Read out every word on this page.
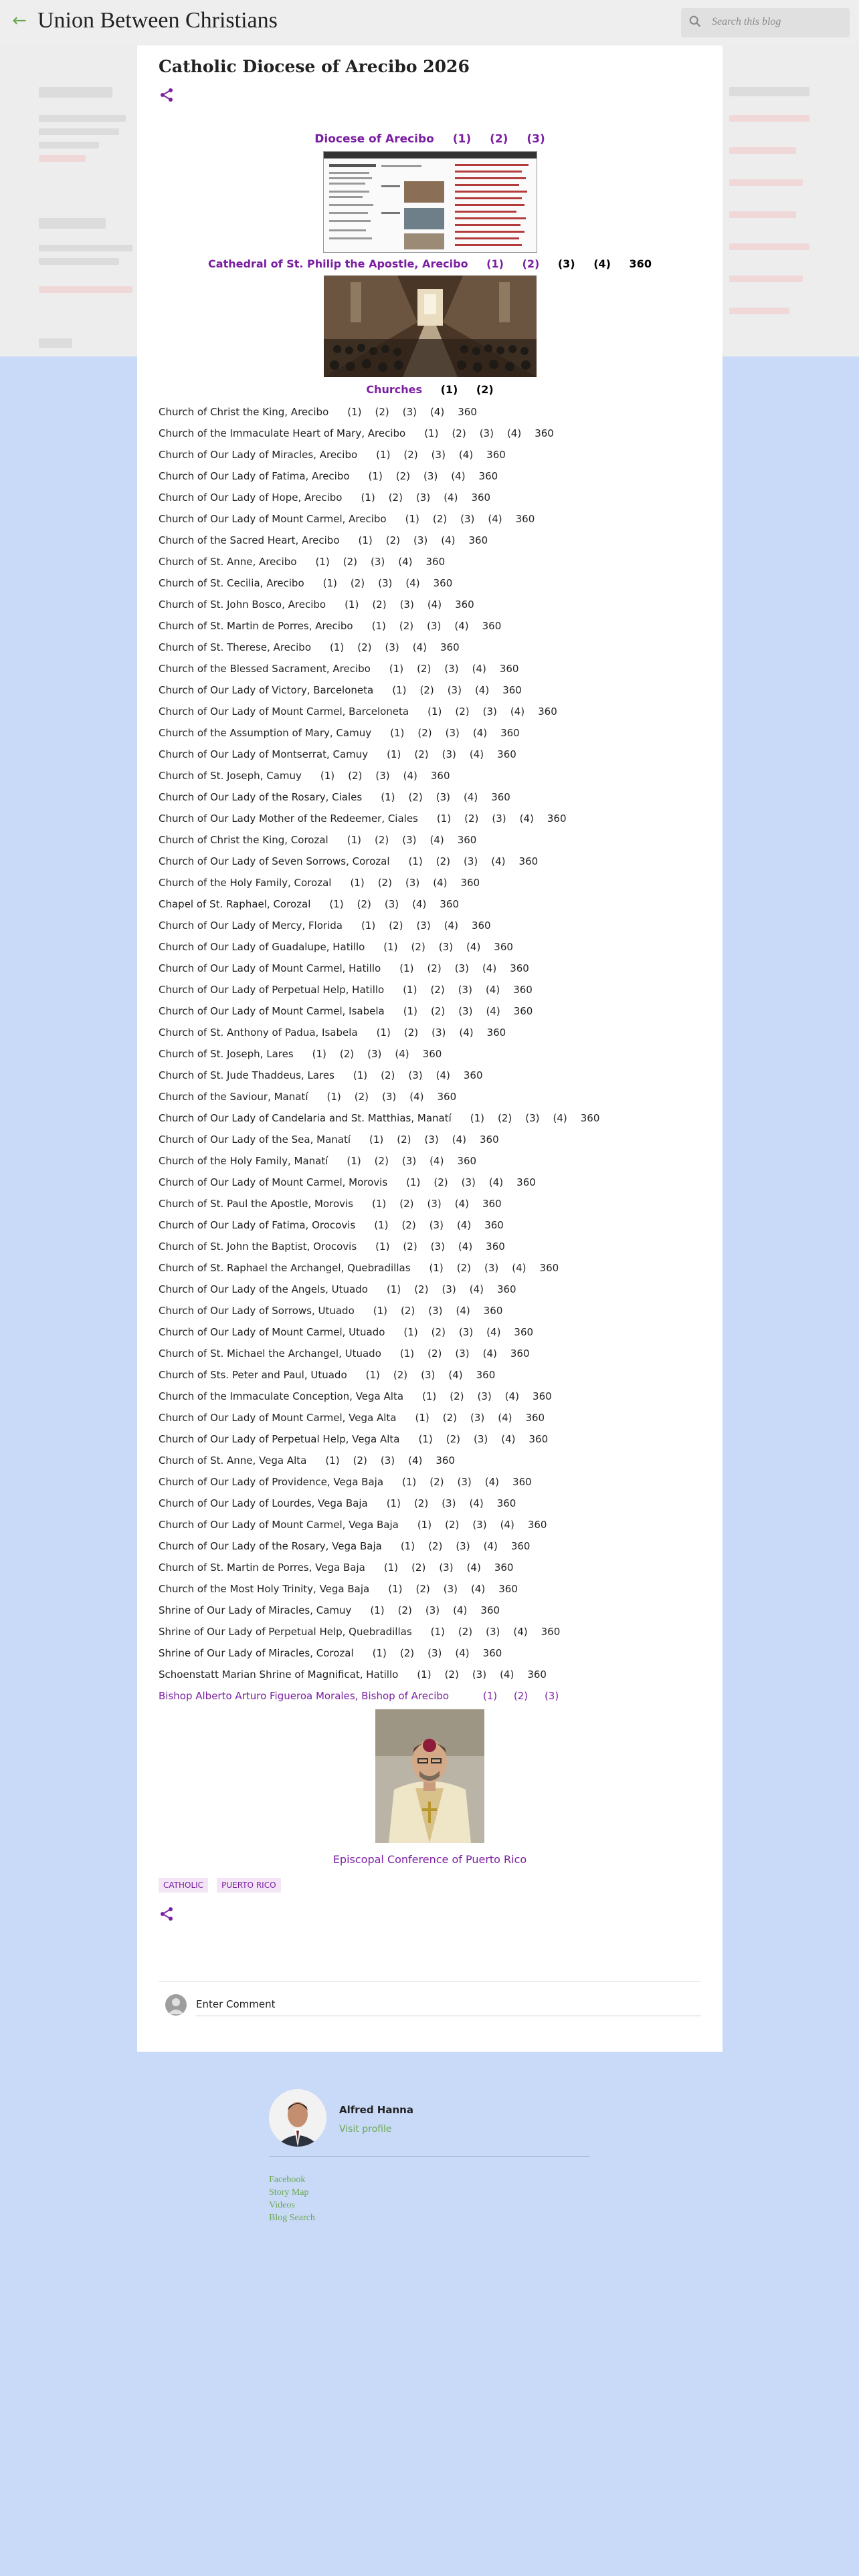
← Union Between Christians	Search this blog
Catholic Diocese of Arecibo 2026
Diocese of Arecibo (1) (2) (3)
Cathedral of St. Philip the Apostle, Arecibo (1) (2) (3) (4) 360
Churches (1) (2)
Church of Christ the King, Arecibo (1) (2) (3) (4) 360
Church of the Immaculate Heart of Mary, Arecibo (1) (2) (3) (4) 360
Church of Our Lady of Miracles, Arecibo (1) (2) (3) (4) 360
Church of Our Lady of Fatima, Arecibo (1) (2) (3) (4) 360
Church of Our Lady of Hope, Arecibo (1) (2) (3) (4) 360
Church of Our Lady of Mount Carmel, Arecibo (1) (2) (3) (4) 360
Church of the Sacred Heart, Arecibo (1) (2) (3) (4) 360
Church of St. Anne, Arecibo (1) (2) (3) (4) 360
Church of St. Cecilia, Arecibo (1) (2) (3) (4) 360
Church of St. John Bosco, Arecibo (1) (2) (3) (4) 360
Church of St. Martin de Porres, Arecibo (1) (2) (3) (4) 360
Church of St. Therese, Arecibo (1) (2) (3) (4) 360
Church of the Blessed Sacrament, Arecibo (1) (2) (3) (4) 360
Church of Our Lady of Victory, Barceloneta (1) (2) (3) (4) 360
Church of Our Lady of Mount Carmel, Barceloneta (1) (2) (3) (4) 360
Church of the Assumption of Mary, Camuy (1) (2) (3) (4) 360
Church of Our Lady of Montserrat, Camuy (1) (2) (3) (4) 360
Church of St. Joseph, Camuy (1) (2) (3) (4) 360
Church of Our Lady of the Rosary, Ciales (1) (2) (3) (4) 360
Church of Our Lady Mother of the Redeemer, Ciales (1) (2) (3) (4) 360
Church of Christ the King, Corozal (1) (2) (3) (4) 360
Church of Our Lady of Seven Sorrows, Corozal (1) (2) (3) (4) 360
Church of the Holy Family, Corozal (1) (2) (3) (4) 360
Chapel of St. Raphael, Corozal (1) (2) (3) (4) 360
Church of Our Lady of Mercy, Florida (1) (2) (3) (4) 360
Church of Our Lady of Guadalupe, Hatillo (1) (2) (3) (4) 360
Church of Our Lady of Mount Carmel, Hatillo (1) (2) (3) (4) 360
Church of Our Lady of Perpetual Help, Hatillo (1) (2) (3) (4) 360
Church of Our Lady of Mount Carmel, Isabela (1) (2) (3) (4) 360
Church of St. Anthony of Padua, Isabela (1) (2) (3) (4) 360
Church of St. Joseph, Lares (1) (2) (3) (4) 360
Church of St. Jude Thaddeus, Lares (1) (2) (3) (4) 360
Church of the Saviour, Manatí (1) (2) (3) (4) 360
Church of Our Lady of Candelaria and St. Matthias, Manatí (1) (2) (3) (4) 360
Church of Our Lady of the Sea, Manatí (1) (2) (3) (4) 360
Church of the Holy Family, Manatí (1) (2) (3) (4) 360
Church of Our Lady of Mount Carmel, Morovis (1) (2) (3) (4) 360
Church of St. Paul the Apostle, Morovis (1) (2) (3) (4) 360
Church of Our Lady of Fatima, Orocovis (1) (2) (3) (4) 360
Church of St. John the Baptist, Orocovis (1) (2) (3) (4) 360
Church of St. Raphael the Archangel, Quebradillas (1) (2) (3) (4) 360
Church of Our Lady of the Angels, Utuado (1) (2) (3) (4) 360
Church of Our Lady of Sorrows, Utuado (1) (2) (3) (4) 360
Church of Our Lady of Mount Carmel, Utuado (1) (2) (3) (4) 360
Church of St. Michael the Archangel, Utuado (1) (2) (3) (4) 360
Church of Sts. Peter and Paul, Utuado (1) (2) (3) (4) 360
Church of the Immaculate Conception, Vega Alta (1) (2) (3) (4) 360
Church of Our Lady of Mount Carmel, Vega Alta (1) (2) (3) (4) 360
Church of Our Lady of Perpetual Help, Vega Alta (1) (2) (3) (4) 360
Church of St. Anne, Vega Alta (1) (2) (3) (4) 360
Church of Our Lady of Providence, Vega Baja (1) (2) (3) (4) 360
Church of Our Lady of Lourdes, Vega Baja (1) (2) (3) (4) 360
Church of Our Lady of Mount Carmel, Vega Baja (1) (2) (3) (4) 360
Church of Our Lady of the Rosary, Vega Baja (1) (2) (3) (4) 360
Church of St. Martin de Porres, Vega Baja (1) (2) (3) (4) 360
Church of the Most Holy Trinity, Vega Baja (1) (2) (3) (4) 360
Shrine of Our Lady of Miracles, Camuy (1) (2) (3) (4) 360
Shrine of Our Lady of Perpetual Help, Quebradillas (1) (2) (3) (4) 360
Shrine of Our Lady of Miracles, Corozal (1) (2) (3) (4) 360
Schoenstatt Marian Shrine of Magnificat, Hatillo (1) (2) (3) (4) 360
Bishop Alberto Arturo Figueroa Morales, Bishop of Arecibo	(1) (2) (3)
Episcopal Conference of Puerto Rico
CATHOLIC PUERTO RICO
Enter Comment
Alfred Hanna
Visit profile
Facebook
Story Map
Videos
Blog Search
